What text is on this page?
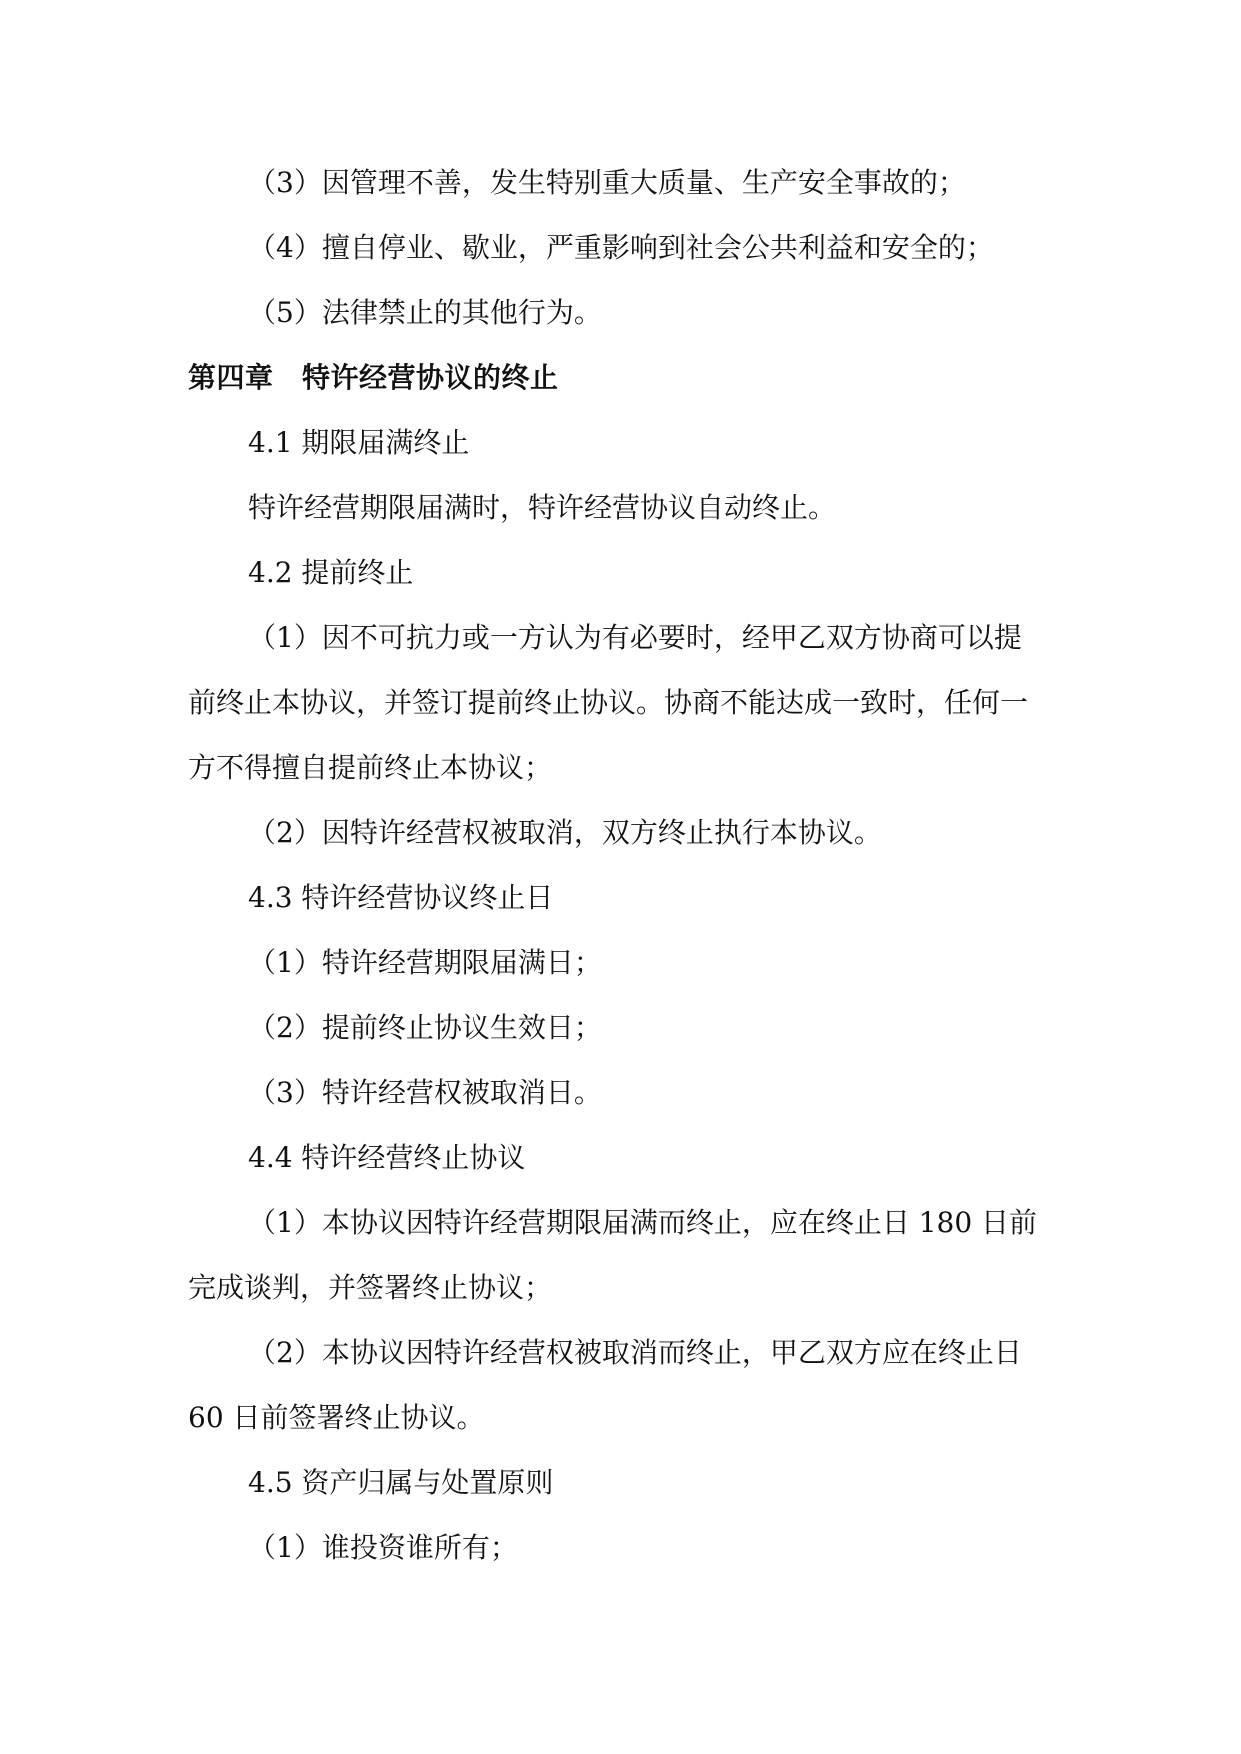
（3）因管理不善，发生特别重大质量、生产安全事故的；

（4）擅自停业、歇业，严重影响到社会公共利益和安全的；

（5）法律禁止的其他行为。

第四章　特许经营协议的终止

4.1 期限届满终止

特许经营期限届满时，特许经营协议自动终止。

4.2 提前终止

（1）因不可抗力或一方认为有必要时，经甲乙双方协商可以提

前终止本协议，并签订提前终止协议。协商不能达成一致时，任何一

方不得擅自提前终止本协议；

（2）因特许经营权被取消，双方终止执行本协议。

4.3 特许经营协议终止日

（1）特许经营期限届满日；

（2）提前终止协议生效日；

（3）特许经营权被取消日。

4.4 特许经营终止协议

（1）本协议因特许经营期限届满而终止，应在终止日 180 日前

完成谈判，并签署终止协议；

（2）本协议因特许经营权被取消而终止，甲乙双方应在终止日

60 日前签署终止协议。

4.5 资产归属与处置原则

（1）谁投资谁所有；
